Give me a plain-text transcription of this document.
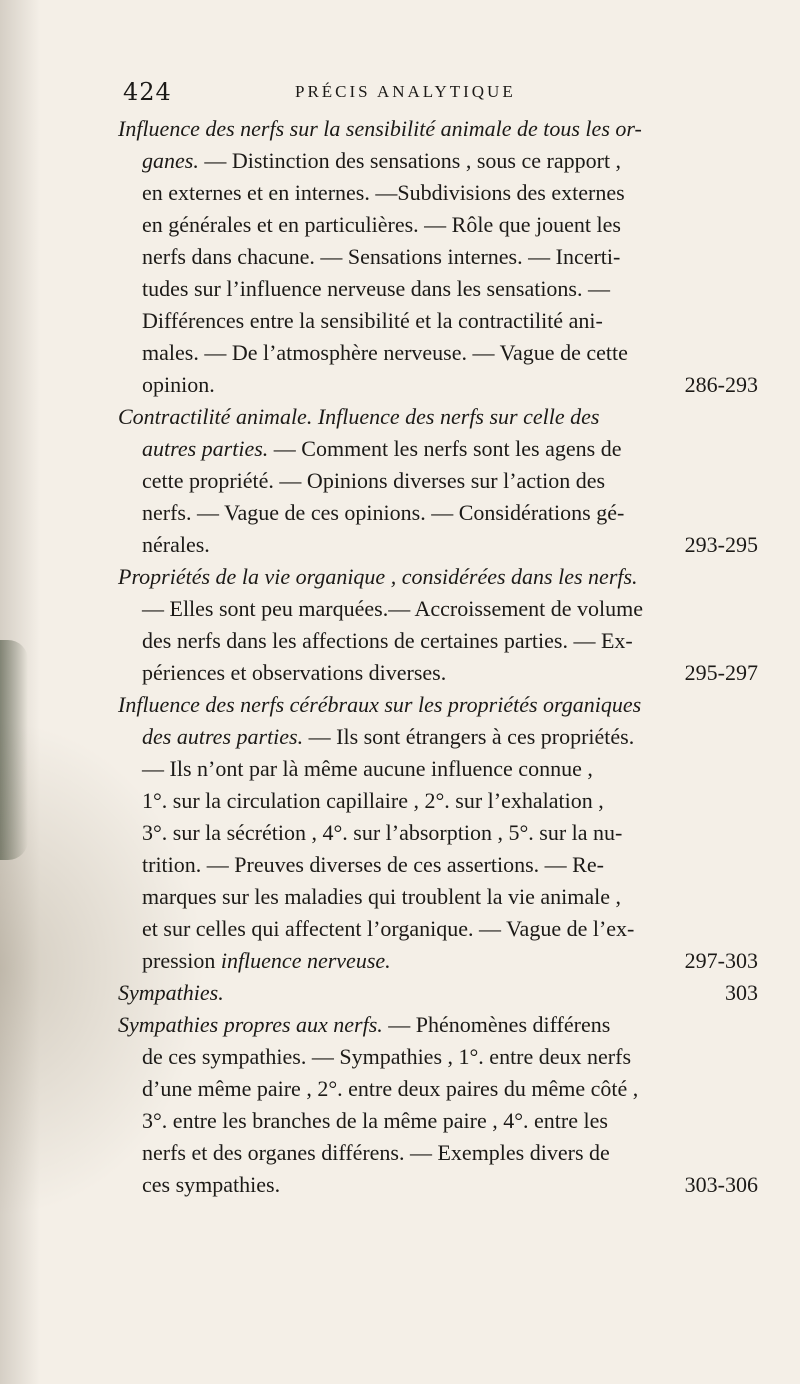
424	PRÉCIS ANALYTIQUE
Influence des nerfs sur la sensibilité animale de tous les or-
ganes. — Distinction des sensations , sous ce rapport ,
en externes et en internes. —Subdivisions des externes
en générales et en particulières. — Rôle que jouent les
nerfs dans chacune. — Sensations internes. — Incerti-
tudes sur l’influence nerveuse dans les sensations. —
Différences entre la sensibilité et la contractilité ani-
males. — De l’atmosphère nerveuse. — Vague de cette
286-293
opinion.
Contractilité animale. Influence des nerfs sur celle des
autres parties. — Comment les nerfs sont les agens de
cette propriété. — Opinions diverses sur l’action des
nerfs. — Vague de ces opinions. — Considérations gé-
293-295
nérales.
Propriétés de la vie organique , considérées dans les nerfs.
— Elles sont peu marquées.— Accroissement de volume
des nerfs dans les affections de certaines parties. — Ex-
295-297
périences et observations diverses.
Influence des nerfs cérébraux sur les propriétés organiques
des autres parties. — Ils sont étrangers à ces propriétés.
— Ils n’ont par là même aucune influence connue ,
1°. sur la circulation capillaire , 2°. sur l’exhalation ,
3°. sur la sécrétion , 4°. sur l’absorption , 5°. sur la nu-
trition. — Preuves diverses de ces assertions. — Re-
marques sur les maladies qui troublent la vie animale ,
et sur celles qui affectent l’organique. — Vague de l’ex-
297-303
pression influence nerveuse.
303
Sympathies.
Sympathies propres aux nerfs. — Phénomènes différens
de ces sympathies. — Sympathies , 1°. entre deux nerfs
d’une même paire , 2°. entre deux paires du même côté ,
3°. entre les branches de la même paire , 4°. entre les
nerfs et des organes différens. — Exemples divers de
303-306
ces sympathies.
